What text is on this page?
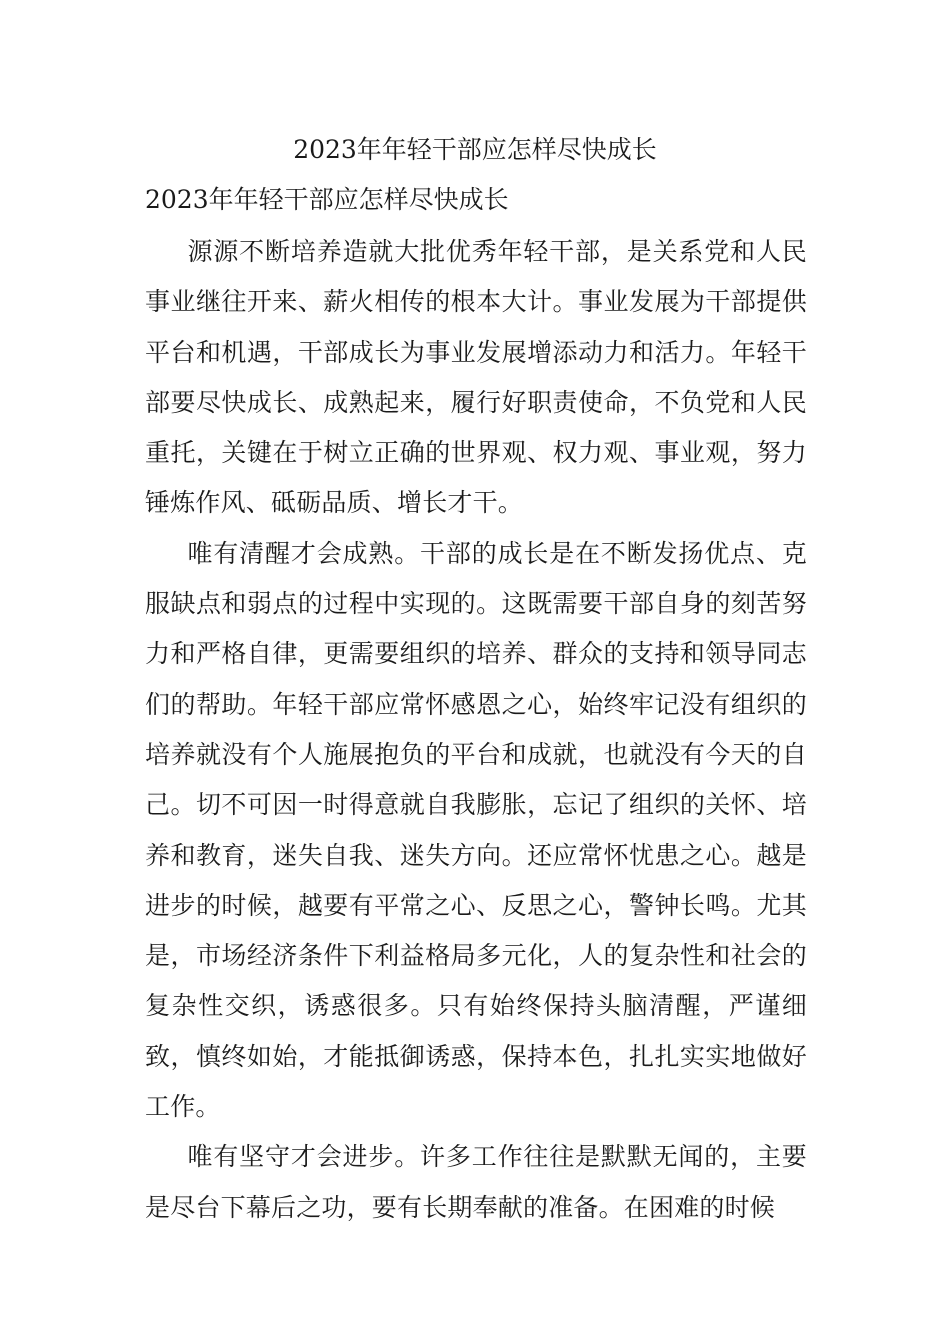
2023年年轻干部应怎样尽快成长
2023年年轻干部应怎样尽快成长

源源不断培养造就大批优秀年轻干部，是关系党和人民事业继往开来、薪火相传的根本大计。事业发展为干部提供平台和机遇，干部成长为事业发展增添动力和活力。年轻干部要尽快成长、成熟起来，履行好职责使命，不负党和人民重托，关键在于树立正确的世界观、权力观、事业观，努力锤炼作风、砥砺品质、增长才干。

唯有清醒才会成熟。干部的成长是在不断发扬优点、克服缺点和弱点的过程中实现的。这既需要干部自身的刻苦努力和严格自律，更需要组织的培养、群众的支持和领导同志们的帮助。年轻干部应常怀感恩之心，始终牢记没有组织的培养就没有个人施展抱负的平台和成就，也就没有今天的自己。切不可因一时得意就自我膨胀，忘记了组织的关怀、培养和教育，迷失自我、迷失方向。还应常怀忧患之心。越是进步的时候，越要有平常之心、反思之心，警钟长鸣。尤其是，市场经济条件下利益格局多元化，人的复杂性和社会的复杂性交织，诱惑很多。只有始终保持头脑清醒，严谨细致，慎终如始，才能抵御诱惑，保持本色，扎扎实实地做好工作。

唯有坚守才会进步。许多工作往往是默默无闻的，主要是尽台下幕后之功，要有长期奉献的准备。在困难的时候
